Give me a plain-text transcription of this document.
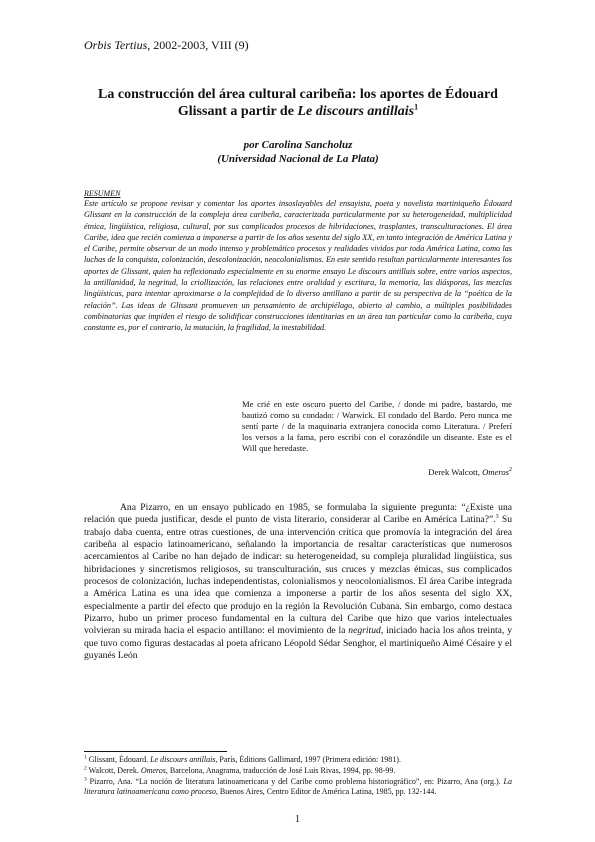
Orbis Tertius, 2002-2003, VIII (9)
La construcción del área cultural caribeña: los aportes de Édouard
Glissant a partir de Le discours antillais$^1$
por Carolina Sancholuz
(Universidad Nacional de La Plata)
RESUMEN
Este artículo se propone revisar y comentar los aportes insoslayables del ensayista, poeta y novelista martiniqueño Édouard Glissant en la construcción de la compleja área caribeña, caracterizada particularmente por su heterogeneidad, multiplicidad étnica, lingüística, religiosa, cultural, por sus complicados procesos de hibridaciones, trasplantes, transculturaciones. El área Caribe, idea que recién comienza a imponerse a partir de los años sesenta del siglo XX, en tanto integración de América Latina y el Caribe, permite observar de un modo intenso y problemático procesos y realidades vividos por toda América Latina, como las luchas de la conquista, colonización, descolonización, neocolonialismos. En este sentido resultan particularmente interesantes los aportes de Glissant, quien ha reflexionado especialmente en su enorme ensayo Le discours antillais sobre, entre varios aspectos, la antillanidad, la negritud, la criollización, las relaciones entre oralidad y escritura, la memoria, las diásporas, las mezclas lingüísticas, para intentar aproximarse a la complejidad de lo diverso antillano a partir de su perspectiva de la “poética de la relación”. Las ideas de Glissant promueven un pensamiento de archipiélago, abierto al cambio, a múltiples posibilidades combinatorias que impiden el riesgo de solidificar construcciones identitarias en un área tan particular como la caribeña, cuya constante es, por el contrario, la mutación, la fragilidad, la inestabilidad.
Me crié en este oscuro puerto del Caribe, / donde mi padre, bastardo, me bautizó como su condado: / Warwick. El condado del Bardo. Pero nunca me sentí parte / de la maquinaria extranjera conocida como Literatura. / Preferí los versos a la fama, pero escribí con el corazóndile un diseante. Este es el Will que heredaste.
Derek Walcott, Omeros$^2$
Ana Pizarro, en un ensayo publicado en 1985, se formulaba la siguiente pregunta: “¿Existe una relación que pueda justificar, desde el punto de vista literario, considerar al Caribe en América Latina?”.$^3$ Su trabajo daba cuenta, entre otras cuestiones, de una intervención crítica que promovía la integración del área caribeña al espacio latinoamericano, señalando la importancia de resaltar características que numerosos acercamientos al Caribe no han dejado de indicar: su heterogeneidad, su compleja pluralidad lingüística, sus hibridaciones y sincretismos religiosos, su transculturación, sus cruces y mezclas étnicas, sus complicados procesos de colonización, luchas independentistas, colonialismos y neocolonialismos. El área Caribe integrada a América Latina es una idea que comienza a imponerse a partir de los años sesenta del siglo XX, especialmente a partir del efecto que produjo en la región la Revolución Cubana. Sin embargo, como destaca Pizarro, hubo un primer proceso fundamental en la cultura del Caribe que hizo que varios intelectuales volvieran su mirada hacia el espacio antillano: el movimiento de la negritud, iniciado hacia los años treinta, y que tuvo como figuras destacadas al poeta africano Léopold Sédar Senghor, el martiniqueño Aimé Césaire y el guyanés León

$^1$ Glissant, Édouard. Le discours antillais, París, Éditions Gallimard, 1997 (Primera edición: 1981).

$^2$ Walcott, Derek. Omeros, Barcelona, Anagrama, traducción de José Luis Rivas, 1994, pp. 98-99.

$^3$ Pizarro, Ana. “La noción de literatura latinoamericana y del Caribe como problema historiográfico”, en: Pizarro, Ana (org.). La literatura latinoamericana como proceso, Buenos Aires, Centro Editor de América Latina, 1985, pp. 132-144.

1
